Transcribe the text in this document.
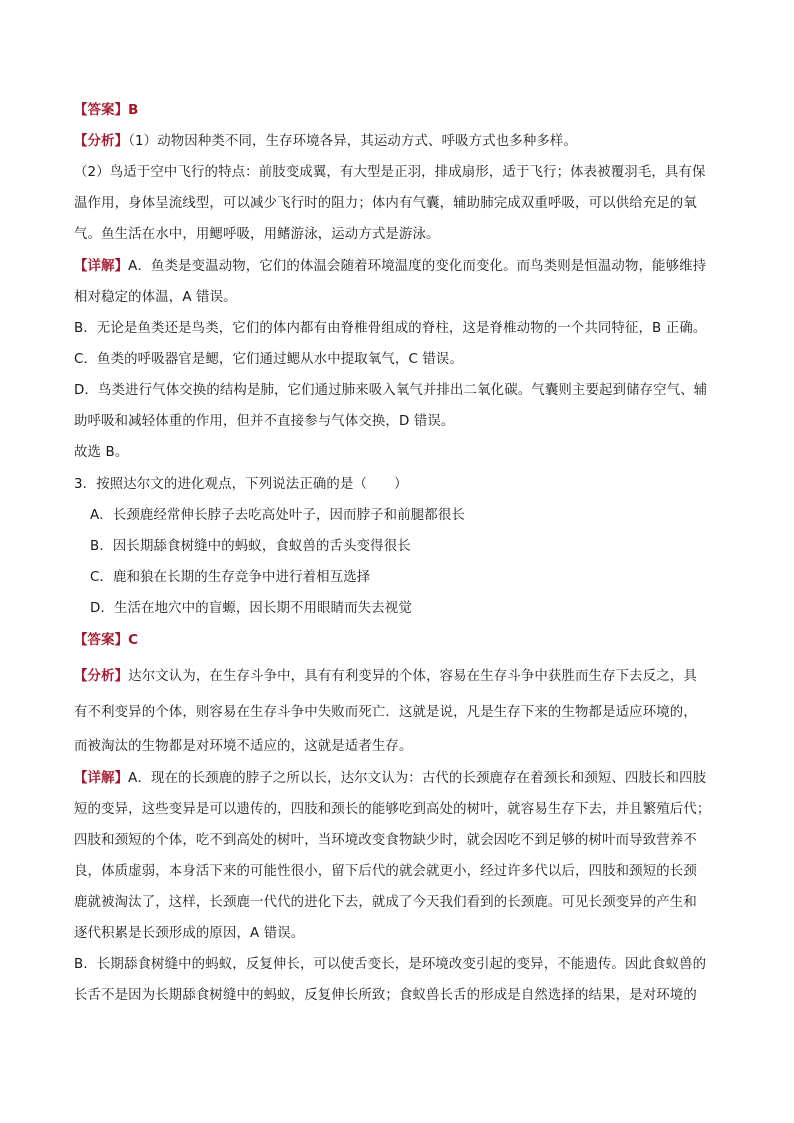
【答案】B
【分析】（1）动物因种类不同，生存环境各异，其运动方式、呼吸方式也多种多样。
（2）鸟适于空中飞行的特点：前肢变成翼，有大型是正羽，排成扇形，适于飞行；体表被覆羽毛，具有保
温作用，身体呈流线型，可以减少飞行时的阻力；体内有气囊，辅助肺完成双重呼吸，可以供给充足的氧
气。鱼生活在水中，用鳃呼吸，用鳍游泳，运动方式是游泳。
【详解】A．鱼类是变温动物，它们的体温会随着环境温度的变化而变化。而鸟类则是恒温动物，能够维持
相对稳定的体温，A 错误。
B．无论是鱼类还是鸟类，它们的体内都有由脊椎骨组成的脊柱，这是脊椎动物的一个共同特征，B 正确。
C．鱼类的呼吸器官是鳃，它们通过鳃从水中提取氧气，C 错误。
D．鸟类进行气体交换的结构是肺，它们通过肺来吸入氧气并排出二氧化碳。气囊则主要起到储存空气、辅
助呼吸和减轻体重的作用，但并不直接参与气体交换，D 错误。
故选 B。
3．按照达尔文的进化观点，下列说法正确的是（　　）
A．长颈鹿经常伸长脖子去吃高处叶子，因而脖子和前腿都很长
B．因长期舔食树缝中的蚂蚁，食蚁兽的舌头变得很长
C．鹿和狼在长期的生存竞争中进行着相互选择
D．生活在地穴中的盲螈，因长期不用眼睛而失去视觉
【答案】C
【分析】达尔文认为，在生存斗争中，具有有利变异的个体，容易在生存斗争中获胜而生存下去反之，具
有不利变异的个体，则容易在生存斗争中失败而死亡．这就是说，凡是生存下来的生物都是适应环境的，
而被淘汰的生物都是对环境不适应的，这就是适者生存。
【详解】A．现在的长颈鹿的脖子之所以长，达尔文认为：古代的长颈鹿存在着颈长和颈短、四肢长和四肢
短的变异，这些变异是可以遗传的，四肢和颈长的能够吃到高处的树叶，就容易生存下去，并且繁殖后代；
四肢和颈短的个体，吃不到高处的树叶，当环境改变食物缺少时，就会因吃不到足够的树叶而导致营养不
良，体质虚弱，本身活下来的可能性很小，留下后代的就会就更小，经过许多代以后，四肢和颈短的长颈
鹿就被淘汰了，这样，长颈鹿一代代的进化下去，就成了今天我们看到的长颈鹿。可见长颈变异的产生和
逐代积累是长颈形成的原因，A 错误。
B．长期舔食树缝中的蚂蚁，反复伸长，可以使舌变长，是环境改变引起的变异，不能遗传。因此食蚁兽的
长舌不是因为长期舔食树缝中的蚂蚁，反复伸长所致；食蚁兽长舌的形成是自然选择的结果，是对环境的
